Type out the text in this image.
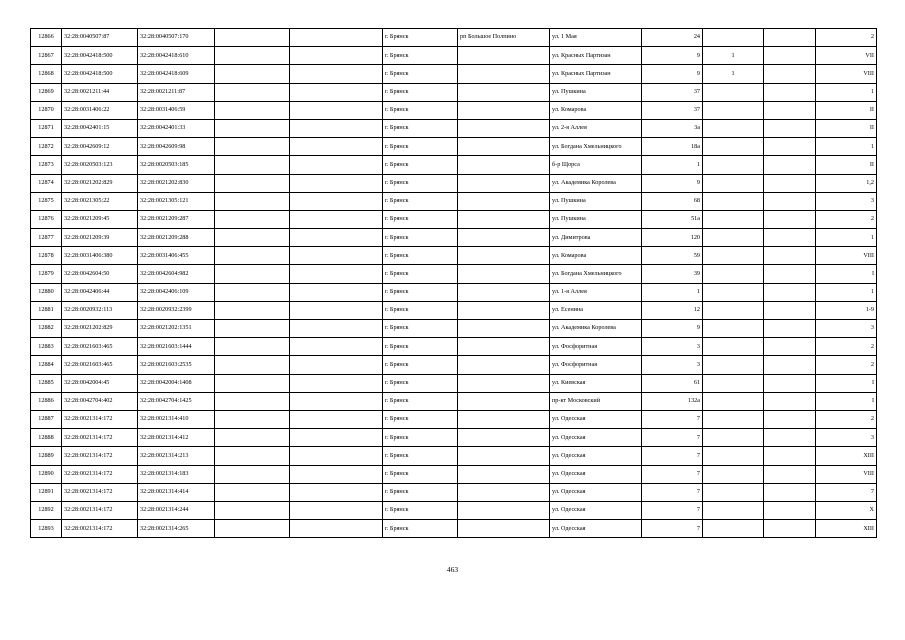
12866	32:28:0040507:87	32:28:0040507:170			г. Брянск	рп Большое Полпино	ул. 1 Мая	24			2
12867	32:28:0042418:500	32:28:0042418:610			г. Брянск		ул. Красных Партизан	9	1		VII
12868	32:28:0042418:500	32:28:0042418:609			г. Брянск		ул. Красных Партизан	9	1		VIII
12869	32:28:0021211:44	32:28:0021211:87			г. Брянск		ул. Пушкина	37			1
12870	32:28:0031406:22	32:28:0031406:59			г. Брянск		ул. Комарова	37			II
12871	32:28:0042401:15	32:28:0042401:33			г. Брянск		ул. 2-я Аллея	3а			II
12872	32:28:0042609:12	32:28:0042609:98			г. Брянск		ул. Богдана Хмельницкого	18а			1
12873	32:28:0020503:123	32:28:0020503:185			г. Брянск		б-р Щорса	1			II
12874	32:28:0021202:829	32:28:0021202:830			г. Брянск		ул. Академика Королева	9			1,2
12875	32:28:0021305:22	32:28:0021305:121			г. Брянск		ул. Пушкина	68			3
12876	32:28:0021209:45	32:28:0021209:287			г. Брянск		ул. Пушкина	51а			2
12877	32:28:0021209:39	32:28:0021209:288			г. Брянск		ул. Димитрова	120			1
12878	32:28:0031406:380	32:28:0031406:455			г. Брянск		ул. Комарова	59			VIII
12879	32:28:0042604:50	32:28:0042604:982			г. Брянск		ул. Богдана Хмельницкого	39			I
12880	32:28:0042406:44	32:28:0042406:109			г. Брянск		ул. 1-я Аллея	1			1
12881	32:28:0020932:113	32:28:0020932:2399			г. Брянск		ул. Есенина	12			1-9
12882	32:28:0021202:829	32:28:0021202:1351			г. Брянск		ул. Академика Королева	9			3
12883	32:28:0021603:465	32:28:0021603:1444			г. Брянск		ул. Фосфоритная	3			2
12884	32:28:0021603:465	32:28:0021603:2535			г. Брянск		ул. Фосфоритная	3			2
12885	32:28:0042004:45	32:28:0042004:1408			г. Брянск		ул. Киевская	61			I
12886	32:28:0042704:402	32:28:0042704:1425			г. Брянск		пр-кт Московский	132а			I
12887	32:28:0021314:172	32:28:0021314:410			г. Брянск		ул. Одесская	7			2
12888	32:28:0021314:172	32:28:0021314:412			г. Брянск		ул. Одесская	7			3
12889	32:28:0021314:172	32:28:0021314:213			г. Брянск		ул. Одесская	7			XIII
12890	32:28:0021314:172	32:28:0021314:183			г. Брянск		ул. Одесская	7			VIII
12891	32:28:0021314:172	32:28:0021314:414			г. Брянск		ул. Одесская	7			7
12892	32:28:0021314:172	32:28:0021314:244			г. Брянск		ул. Одесская	7			X
12893	32:28:0021314:172	32:28:0021314:265			г. Брянск		ул. Одесская	7			XIII
463
